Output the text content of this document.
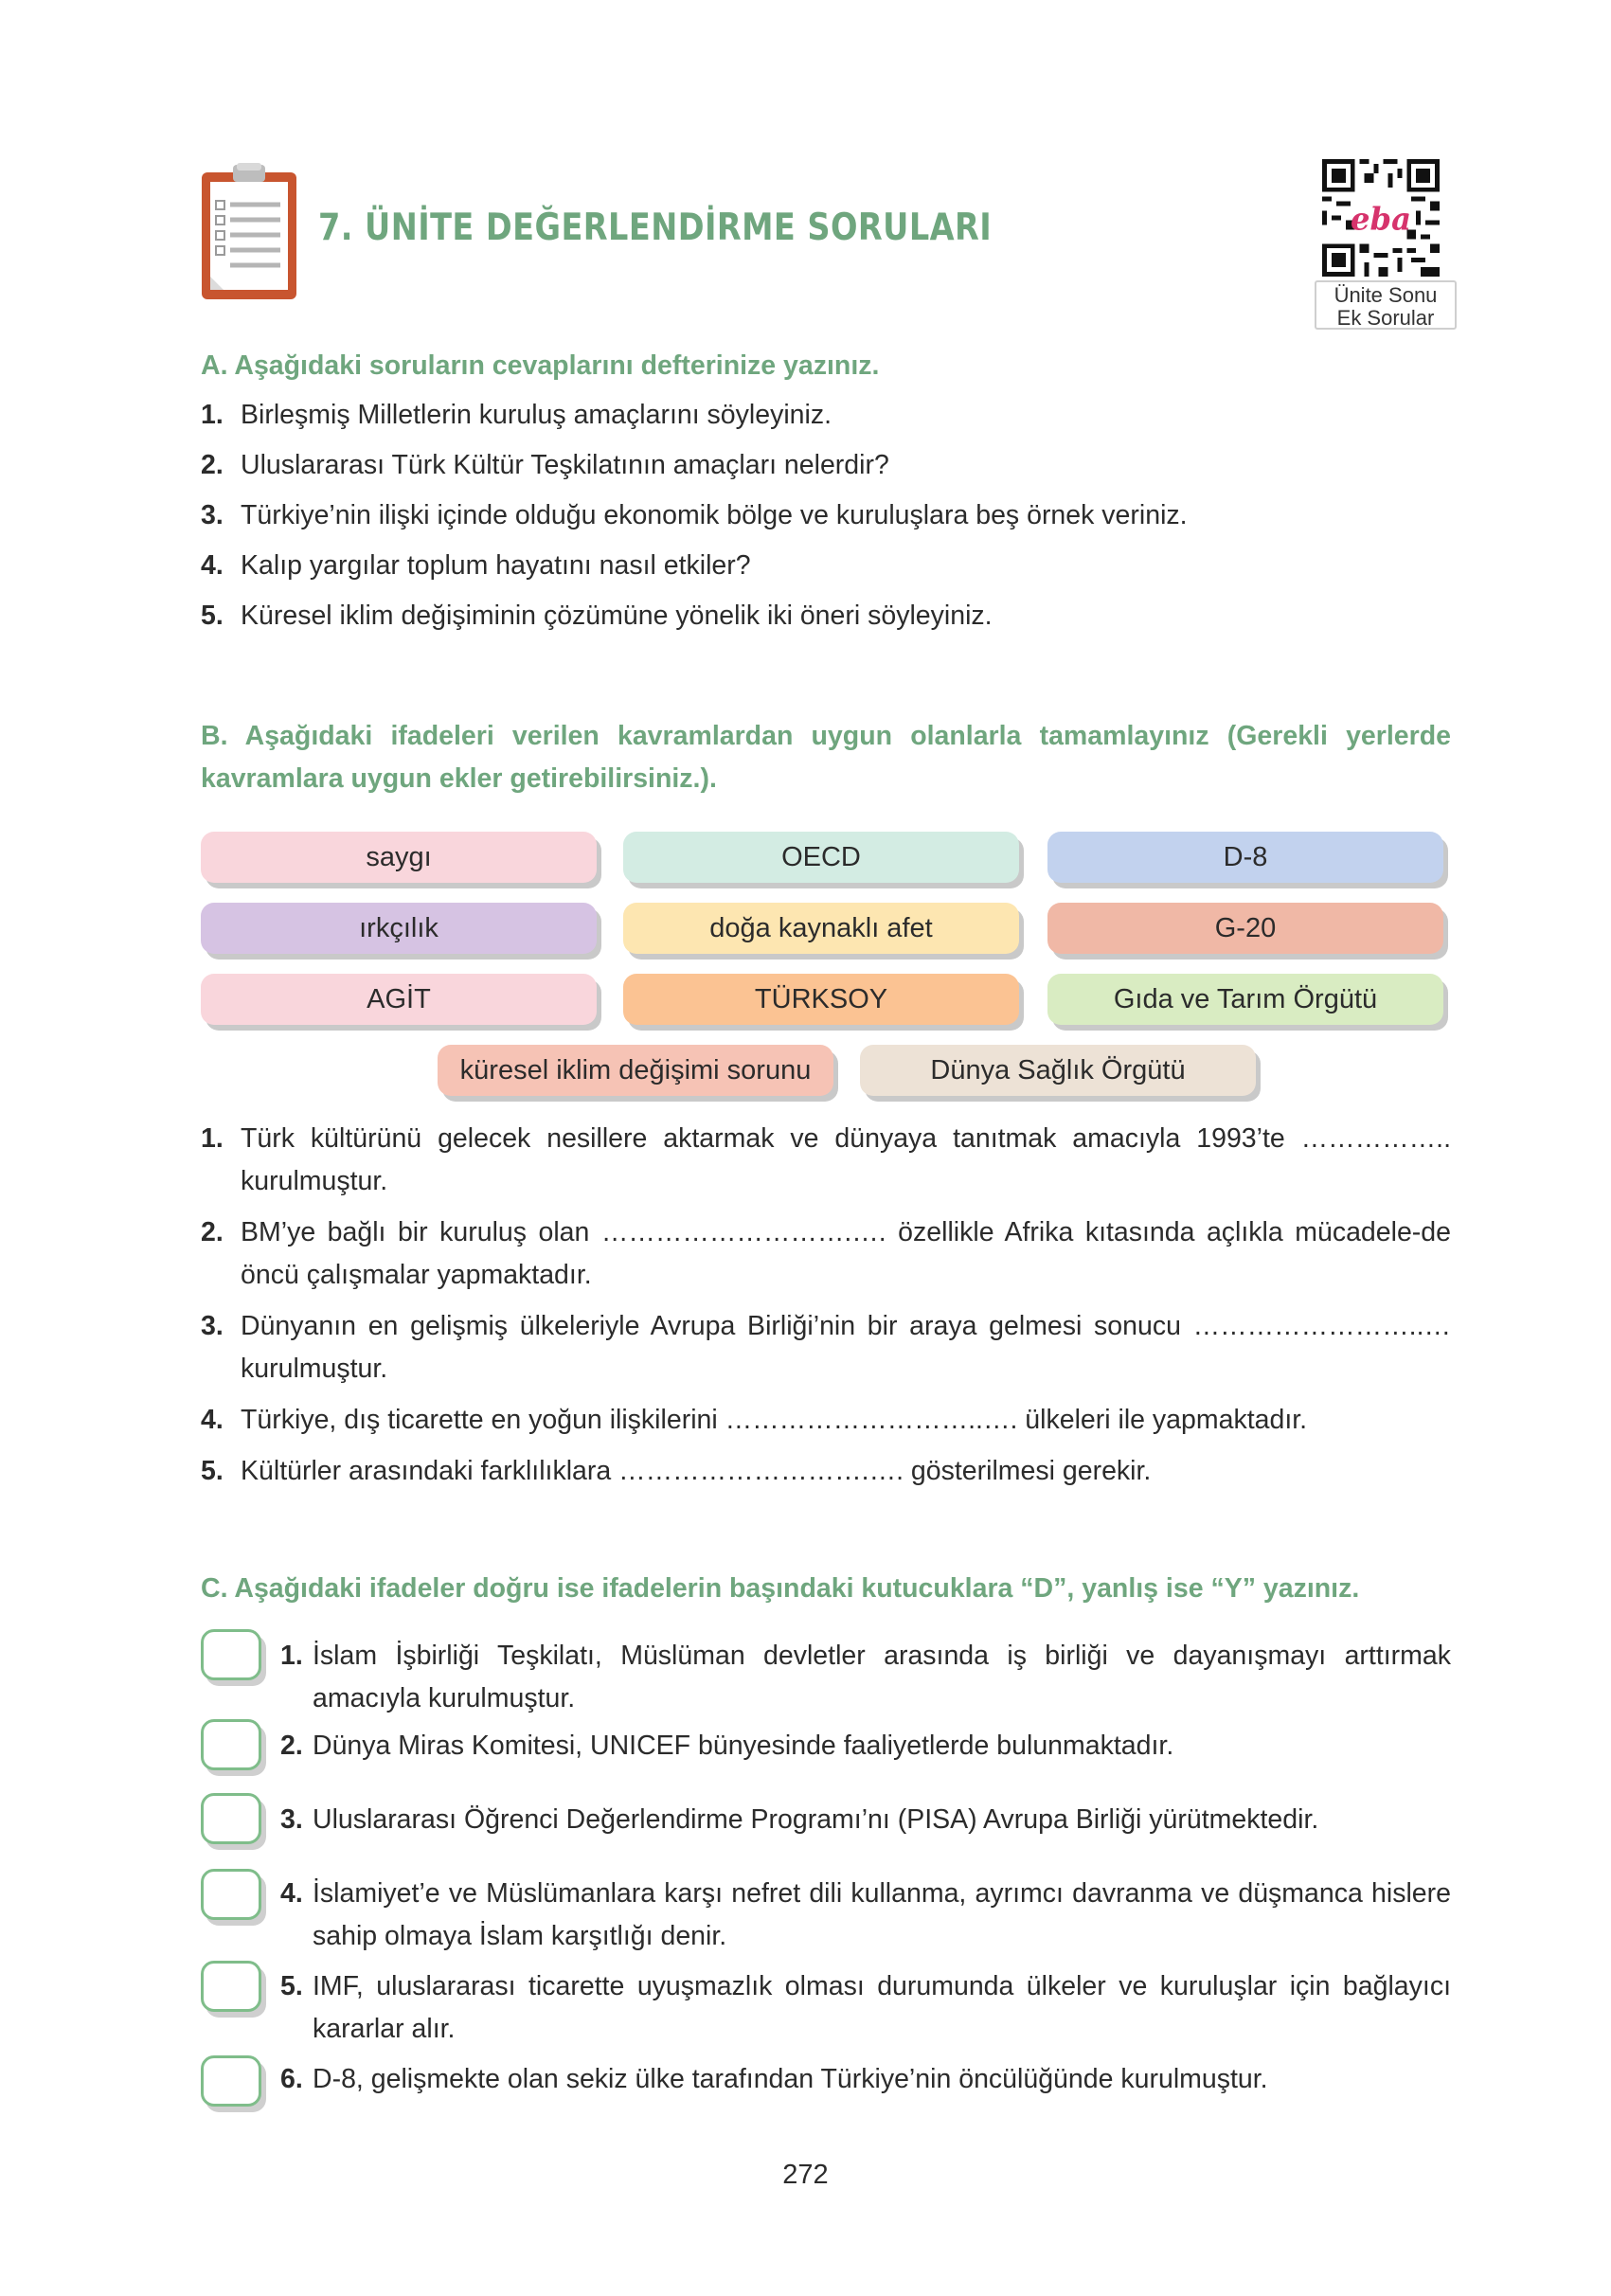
7. ÜNİTE DEĞERLENDİRME SORULARI	eba
Ünite Sonu
Ek Sorular
A. Aşağıdaki soruların cevaplarını defterinize yazınız.
1. Birleşmiş Milletlerin kuruluş amaçlarını söyleyiniz.
2. Uluslararası Türk Kültür Teşkilatının amaçları nelerdir?
3. Türkiye’nin ilişki içinde olduğu ekonomik bölge ve kuruluşlara beş örnek veriniz.
4. Kalıp yargılar toplum hayatını nasıl etkiler?
5. Küresel iklim değişiminin çözümüne yönelik iki öneri söyleyiniz.
B. Aşağıdaki ifadeleri verilen kavramlardan uygun olanlarla tamamlayınız (Gerekli yerlerde
kavramlara uygun ekler getirebilirsiniz.).
saygı	OECD	D-8
ırkçılık	doğa kaynaklı afet	G-20
AGİT	TÜRKSOY	Gıda ve Tarım Örgütü
küresel iklim değişimi sorunu	Dünya Sağlık Örgütü
1. Türk kültürünü gelecek nesillere aktarmak ve dünyaya tanıtmak amacıyla 1993’te …………….. kurulmuştur.
2. BM’ye bağlı bir kuruluş olan ……………………….…. özellikle Afrika kıtasında açlıkla mücadele-de öncü çalışmalar yapmaktadır.
3. Dünyanın en gelişmiş ülkeleriyle Avrupa Birliği’nin bir araya gelmesi sonucu ……………………..… kurulmuştur.
4. Türkiye, dış ticarette en yoğun ilişkilerini ………………………..…. ülkeleri ile yapmaktadır.
5. Kültürler arasındaki farklılıklara ……………………….…. gösterilmesi gerekir.
C. Aşağıdaki ifadeler doğru ise ifadelerin başındaki kutucuklara “D”, yanlış ise “Y” yazınız.
1. İslam İşbirliği Teşkilatı, Müslüman devletler arasında iş birliği ve dayanışmayı arttırmak amacıyla kurulmuştur.
2. Dünya Miras Komitesi, UNICEF bünyesinde faaliyetlerde bulunmaktadır.
3. Uluslararası Öğrenci Değerlendirme Programı’nı (PISA) Avrupa Birliği yürütmektedir.
4. İslamiyet’e ve Müslümanlara karşı nefret dili kullanma, ayrımcı davranma ve düşmanca hislere sahip olmaya İslam karşıtlığı denir.
5. IMF, uluslararası ticarette uyuşmazlık olması durumunda ülkeler ve kuruluşlar için bağlayıcı kararlar alır.
6. D-8, gelişmekte olan sekiz ülke tarafından Türkiye’nin öncülüğünde kurulmuştur.
272
